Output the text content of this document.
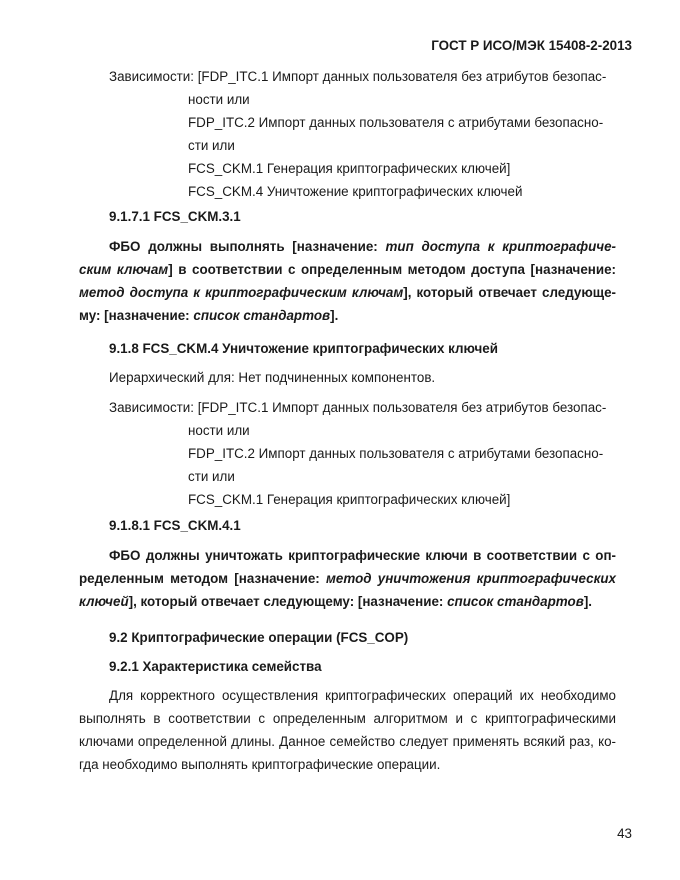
ГОСТ Р ИСО/МЭК 15408-2-2013
Зависимости: [FDP_ITC.1 Импорт данных пользователя без атрибутов безопас-
ности или
FDP_ITC.2 Импорт данных пользователя с атрибутами безопасно-
сти или
FCS_CKM.1 Генерация криптографических ключей]
FCS_CKM.4 Уничтожение криптографических ключей
9.1.7.1 FCS_CKM.3.1
ФБО должны выполнять [назначение: тип доступа к криптографиче-
ским ключам] в соответствии с определенным методом доступа [назначение:
метод доступа к криптографическим ключам], который отвечает следующе-
му: [назначение: список стандартов].
9.1.8 FCS_CKM.4 Уничтожение криптографических ключей
Иерархический для: Нет подчиненных компонентов.
Зависимости: [FDP_ITC.1 Импорт данных пользователя без атрибутов безопас-
ности или
FDP_ITC.2 Импорт данных пользователя с атрибутами безопасно-
сти или
FCS_CKM.1 Генерация криптографических ключей]
9.1.8.1 FCS_CKM.4.1
ФБО должны уничтожать криптографические ключи в соответствии с оп-
ределенным методом [назначение: метод уничтожения криптографических
ключей], который отвечает следующему: [назначение: список стандартов].
9.2 Криптографические операции (FCS_COP)
9.2.1 Характеристика семейства
Для корректного осуществления криптографических операций их необходимо
выполнять в соответствии с определенным алгоритмом и с криптографическими
ключами определенной длины. Данное семейство следует применять всякий раз, ко-
гда необходимо выполнять криптографические операции.
43
